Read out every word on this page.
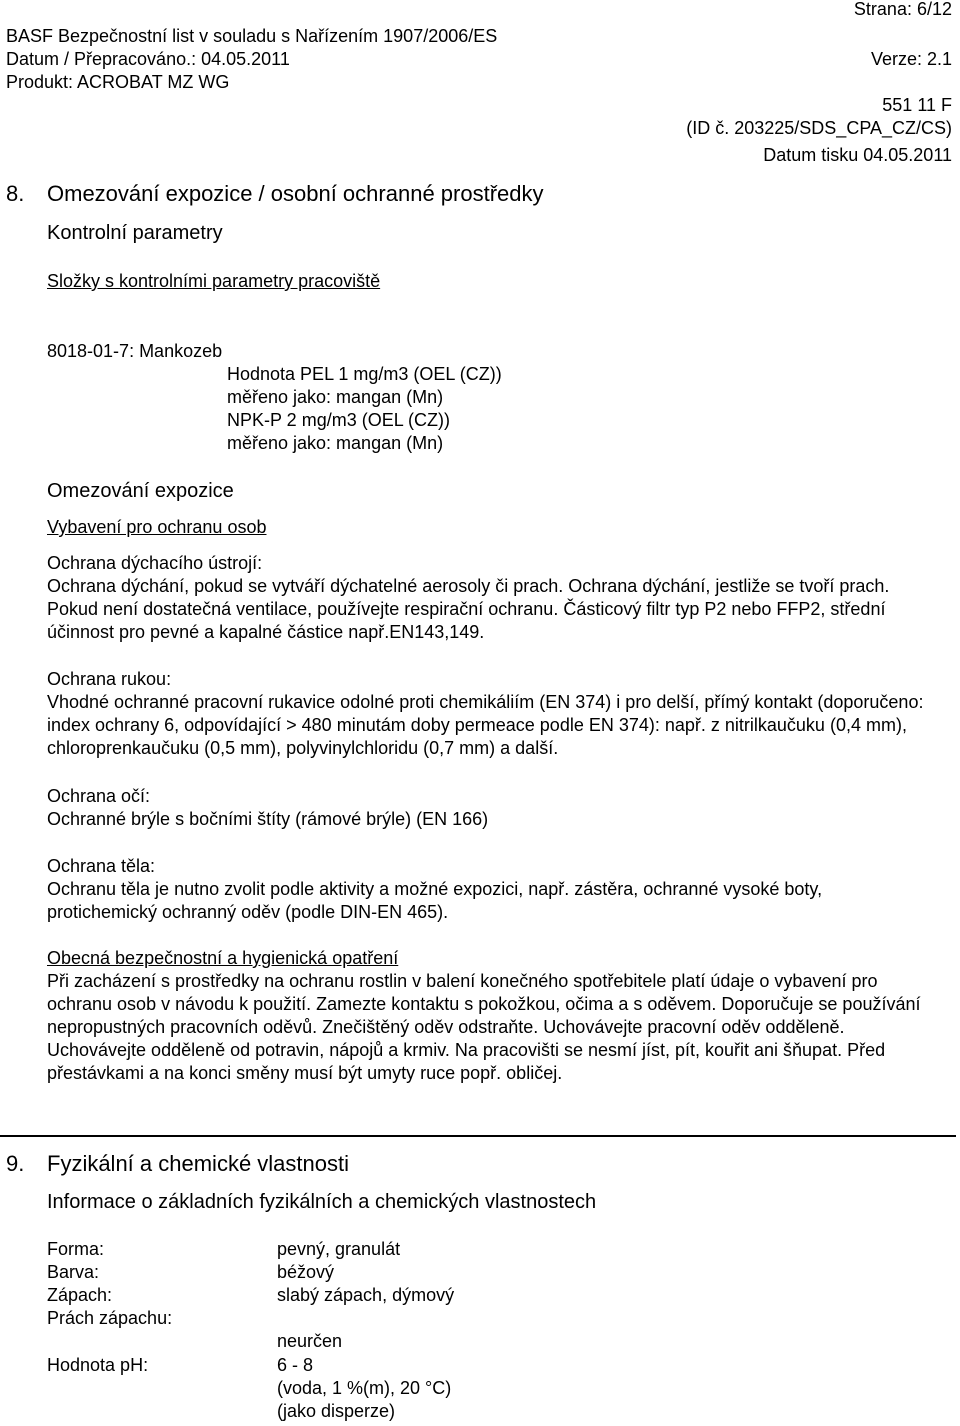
Strana: 6/12
BASF Bezpečnostní list v souladu s Nařízením 1907/2006/ES
Datum / Přepracováno.: 04.05.2011	Verze: 2.1
Produkt: ACROBAT MZ WG
551 11 F
(ID č. 203225/SDS_CPA_CZ/CS)
Datum tisku 04.05.2011
8. Omezování expozice / osobní ochranné prostředky
Kontrolní parametry
Složky s kontrolními parametry pracoviště
8018-01-7: Mankozeb
Hodnota PEL 1 mg/m3 (OEL (CZ))
měřeno jako: mangan (Mn)
NPK-P 2 mg/m3 (OEL (CZ))
měřeno jako: mangan (Mn)
Omezování expozice
Vybavení pro ochranu osob
Ochrana dýchacího ústrojí:
Ochrana dýchání, pokud se vytváří dýchatelné aerosoly či prach. Ochrana dýchání, jestliže se tvoří prach. Pokud není dostatečná ventilace, používejte respirační ochranu. Částicový filtr typ P2 nebo FFP2, střední účinnost pro pevné a kapalné částice např.EN143,149.
Ochrana rukou:
Vhodné ochranné pracovní rukavice odolné proti chemikáliím (EN 374) i pro delší, přímý kontakt (doporučeno: index ochrany 6, odpovídající > 480 minutám doby permeace podle EN 374): např. z nitrilkaučuku (0,4 mm), chloroprenkaučuku (0,5 mm), polyvinylchloridu (0,7 mm) a další.
Ochrana očí:
Ochranné brýle s bočními štíty (rámové brýle) (EN 166)
Ochrana těla:
Ochranu těla je nutno zvolit podle aktivity a možné expozici, např. zástěra, ochranné vysoké boty, protichemický ochranný oděv (podle DIN-EN 465).
Obecná bezpečnostní a hygienická opatření
Při zacházení s prostředky na ochranu rostlin v balení konečného spotřebitele platí údaje o vybavení pro ochranu osob v návodu k použití. Zamezte kontaktu s pokožkou, očima a s oděvem. Doporučuje se používání nepropustných pracovních oděvů. Znečištěný oděv odstraňte. Uchovávejte pracovní oděv odděleně. Uchovávejte odděleně od potravin, nápojů a krmiv. Na pracovišti se nesmí jíst, pít, kouřit ani šňupat. Před přestávkami a na konci směny musí být umyty ruce popř. obličej.
9. Fyzikální a chemické vlastnosti
Informace o základních fyzikálních a chemických vlastnostech
Forma:	pevný, granulát
Barva:	béžový
Zápach:	slabý zápach, dýmový
Prách zápachu:
neurčen
Hodnota pH:	6 - 8
(voda, 1 %(m), 20 °C)
(jako disperze)
